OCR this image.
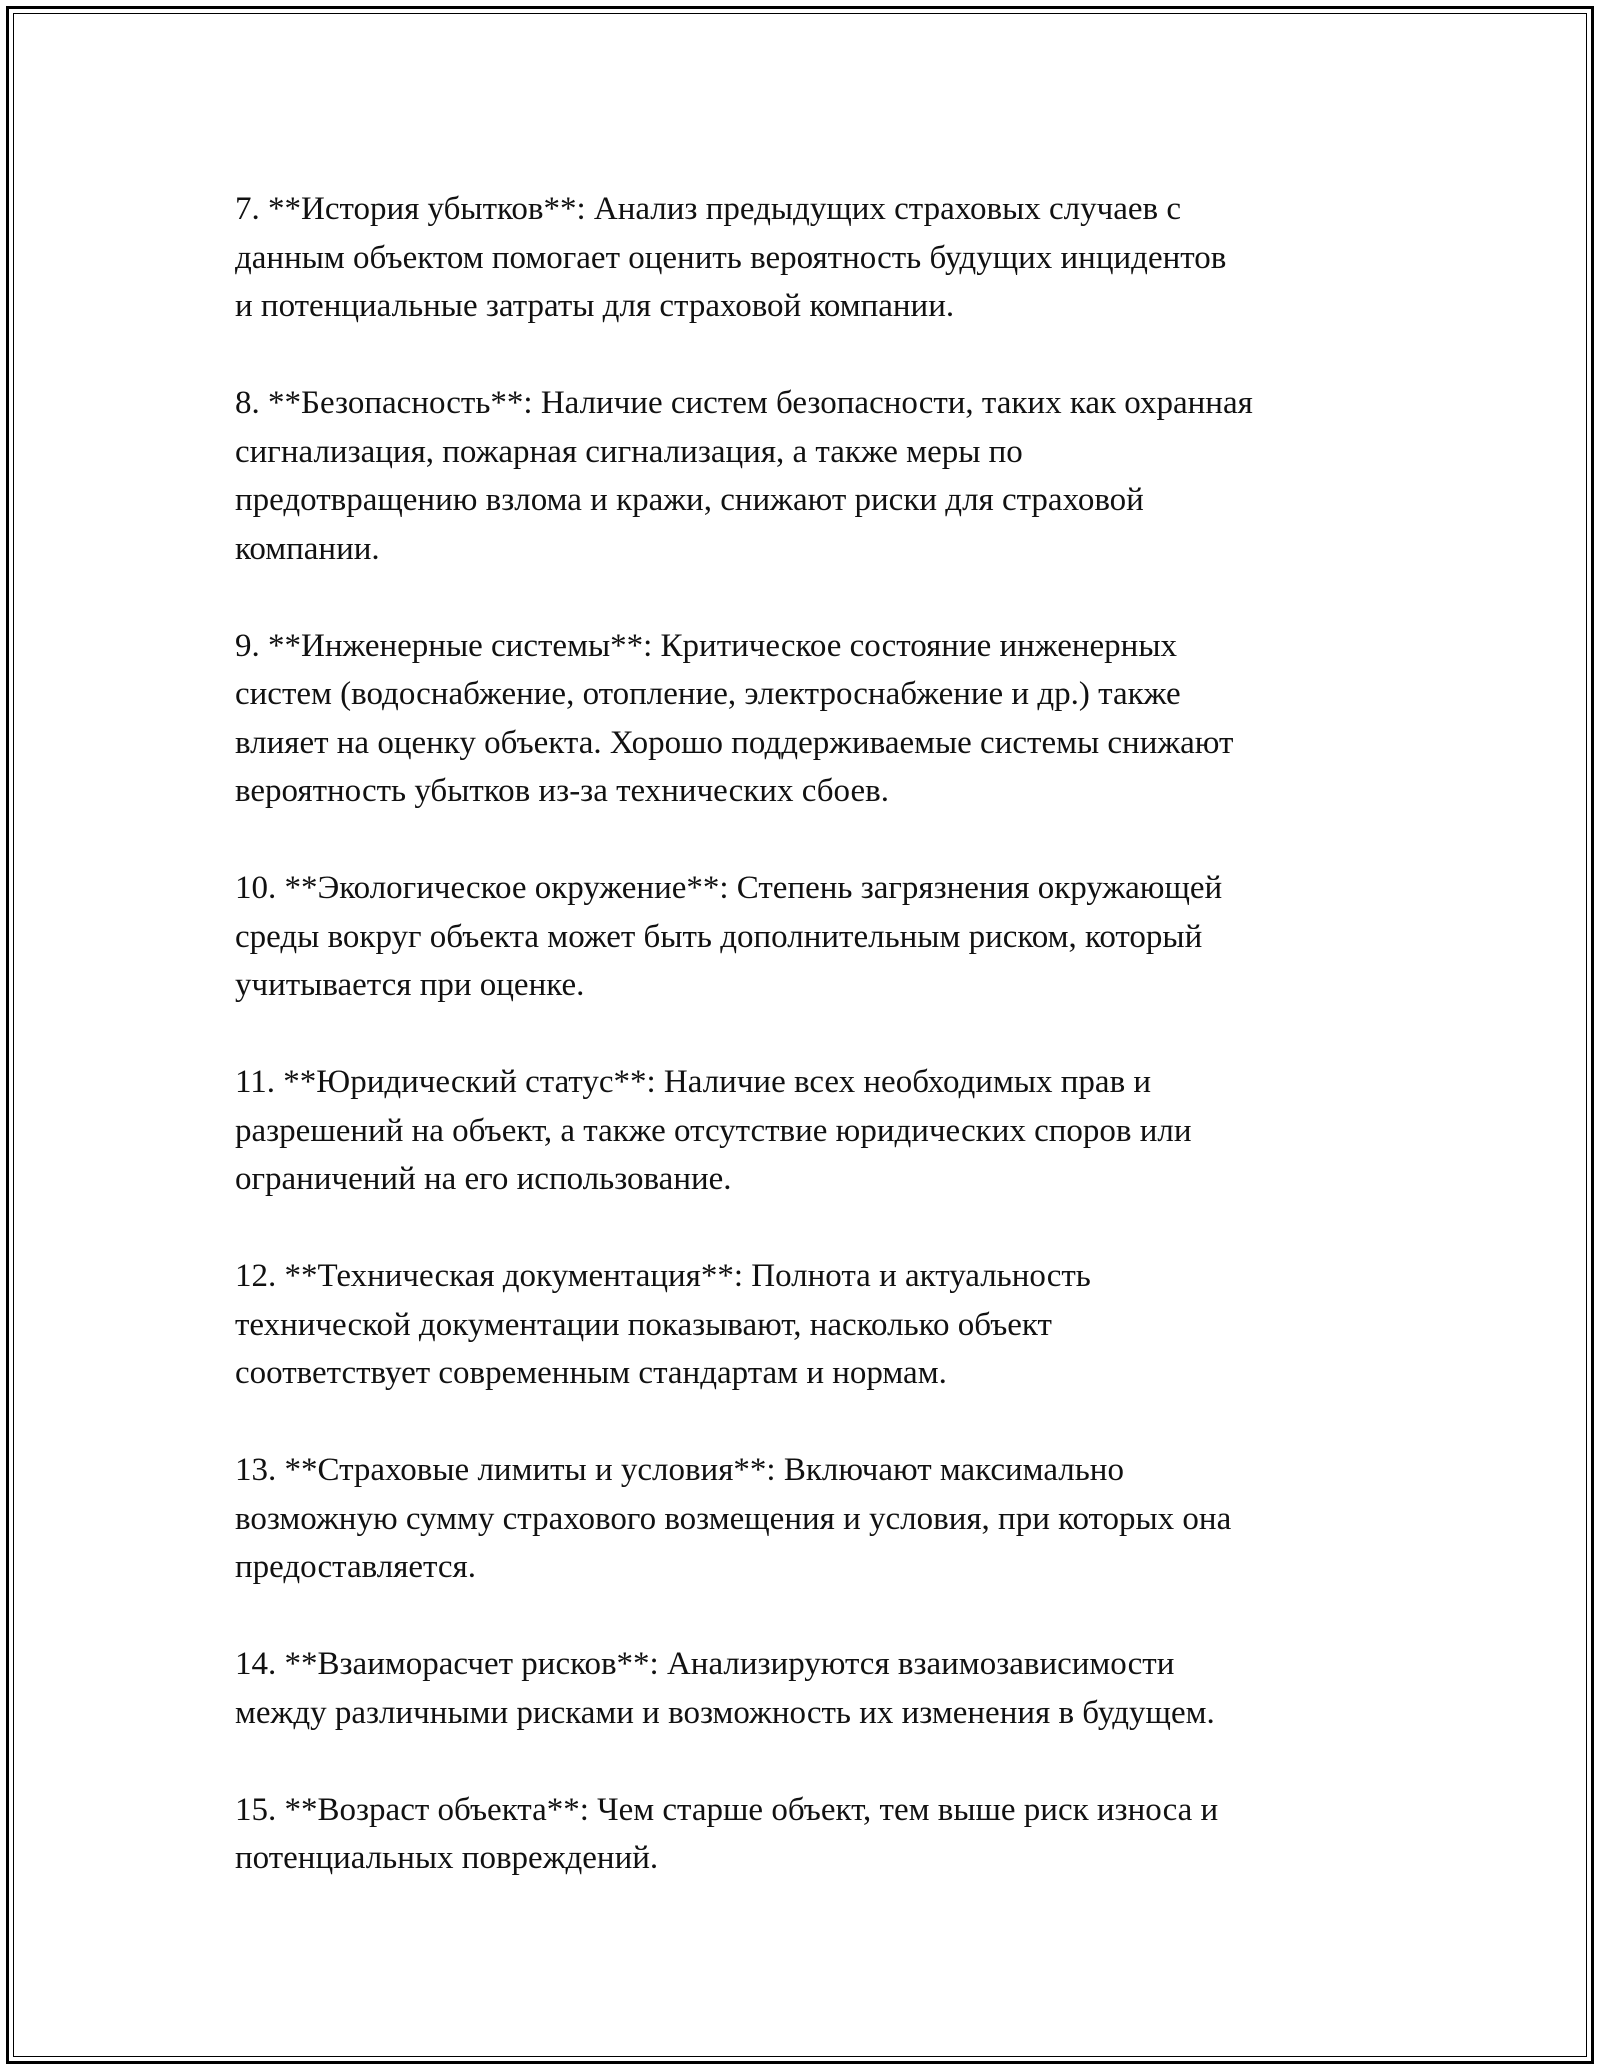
7. **История убытков**: Анализ предыдущих страховых случаев с
данным объектом помогает оценить вероятность будущих инцидентов
и потенциальные затраты для страховой компании.
8. **Безопасность**: Наличие систем безопасности, таких как охранная
сигнализация, пожарная сигнализация, а также меры по
предотвращению взлома и кражи, снижают риски для страховой
компании.
9. **Инженерные системы**: Критическое состояние инженерных
систем (водоснабжение, отопление, электроснабжение и др.) также
влияет на оценку объекта. Хорошо поддерживаемые системы снижают
вероятность убытков из-за технических сбоев.
10. **Экологическое окружение**: Степень загрязнения окружающей
среды вокруг объекта может быть дополнительным риском, который
учитывается при оценке.
11. **Юридический статус**: Наличие всех необходимых прав и
разрешений на объект, а также отсутствие юридических споров или
ограничений на его использование.
12. **Техническая документация**: Полнота и актуальность
технической документации показывают, насколько объект
соответствует современным стандартам и нормам.
13. **Страховые лимиты и условия**: Включают максимально
возможную сумму страхового возмещения и условия, при которых она
предоставляется.
14. **Взаиморасчет рисков**: Анализируются взаимозависимости
между различными рисками и возможность их изменения в будущем.
15. **Возраст объекта**: Чем старше объект, тем выше риск износа и
потенциальных повреждений.
